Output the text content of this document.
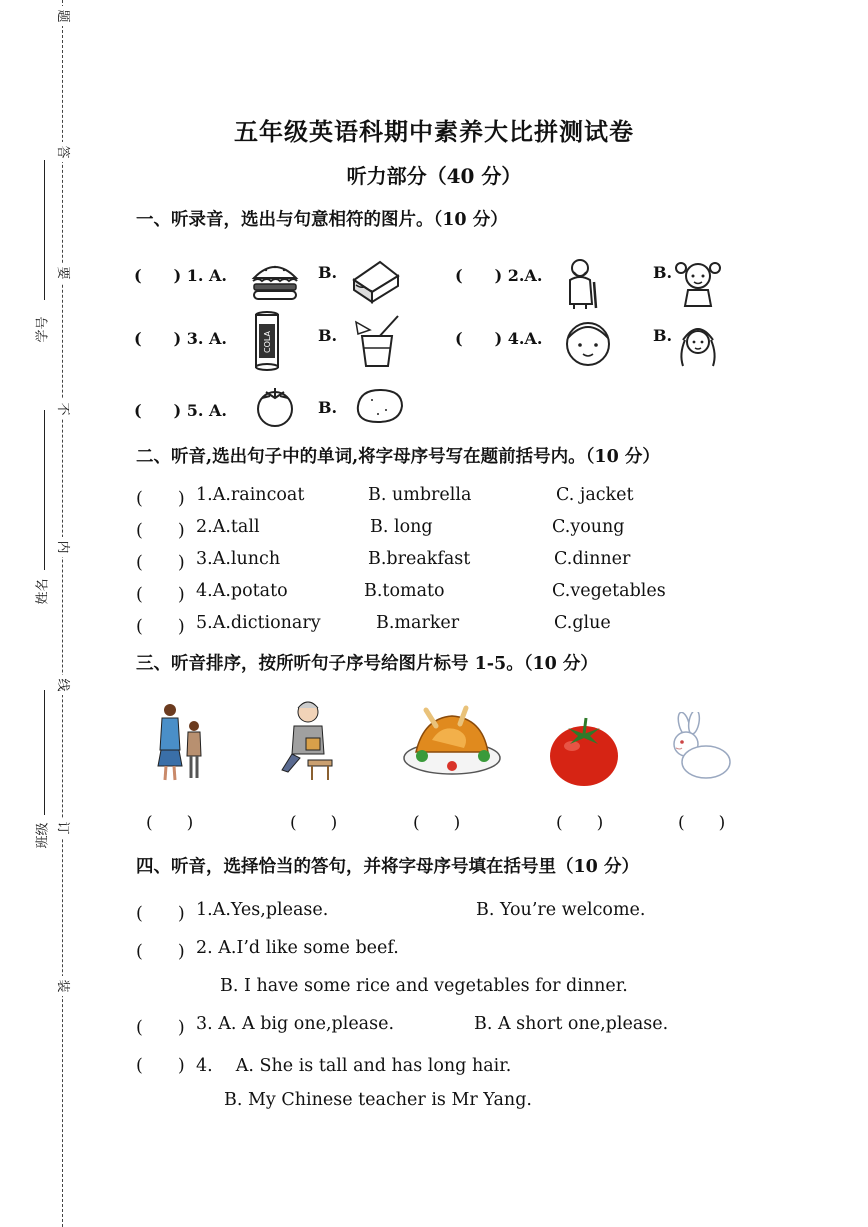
题
答
要
不
内
线
订
装
学号
姓名
班级
五年级英语科期中素养大比拼测试卷
听力部分（40 分）
一、听录音，选出与句意相符的图片。（10 分）
(　　) 1. A.	B.	(　　) 2.A.	B.
(　　) 3. A.	COLA	B.	(　　) 4.A.	B.
(　　) 5. A.	B.
二、听音,选出句子中的单词,将字母序号写在题前括号内。（10 分）
(　　) 1.A.raincoat	B. umbrella	C. jacket
(　　) 2.A.tall	B. long	C.young
(　　) 3.A.lunch	B.breakfast	C.dinner
(　　) 4.A.potato	B.tomato	C.vegetables
(　　) 5.A.dictionary	B.marker	C.glue
三、听音排序，按所听句子序号给图片标号 1-5。（10 分）
(　　)	(　　)	(　　)	(　　)	(　　)
四、听音，选择恰当的答句，并将字母序号填在括号里（10 分）
(　　) 1.A.Yes,please.	B. You’re welcome.
(　　) 2. A.I’d like some beef.
B. I have some rice and vegetables for dinner.
(　　) 3. A. A big one,please.	B. A short one,please.
(　　) 4.　 A. She is tall and has long hair.
B. My Chinese teacher is Mr Yang.
